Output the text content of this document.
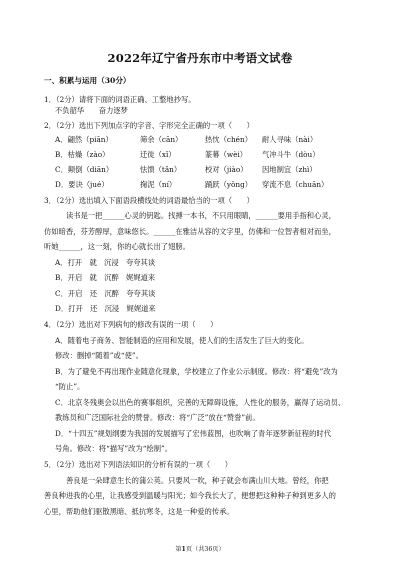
2022年辽宁省丹东市中考语文试卷
一、积累与运用（30分）
1．（2分）请将下面的词语正确、工整地抄写。
不负韶华　　奋力逐梦
2．（2分）选出下列加点字的字音、字形完全正确的一项（　　）
A．翩然（piān）	筛余（cān）	热忱（chén） 耐人寻味（nài）
B．枯燥（zào）	迁徙（xǐ）	篆幕（wèi） 气冲斗牛（dòu）
C．颠倒（diān）	怯馈（tǎn）	校对（jiào） 因地制宜（zhì）
D．要诀（jué）	掬泥（ní）	踊跃（yǒng） 穿流不息（chuān）
3．（2分）选出填入下面语段横线处的词语最恰当的一项（　　）
读书是一把______心灵的钥匙。找搏一本书，不只用眼睛，______要用手指和心灵，
仿如暗香，芬芳醇厚，意味悠长。______在雅洁从容的文字里，仿佛和一位智者相对而坐，
听她______，这一刻，你的心就长出了翅膀。
A．打开　就　沉浸　夸夸其谈
B．开启　就　沉醉　娓娓道来
C．开启　还　沉醉　夸夸其谈
D．打开　还　沉浸　娓娓道来
4．（2分）选出对下列病句的修改有误的一项（　　）
A．随着电子商务、智能制造的应用和发展，使人们的生活发生了巨大的变化。
修改：删掉“随着”或“使”。
B．为了避免不再出现作业随意化现象，学校建立了作业公示制度。修改：将“避免”改为
“防止”。
C．北京冬残奥会以出色的赛事组织，完善的无障碍设施，人性化的服务，赢得了运动员、
教练员和广泛国际社会的赞誉。修改：将“广泛”放在“赞誉”前。
D．“十四五”规划纲要为我国的发展描写了宏伟蓝图，也吹响了青年逐梦新征程的时代
号角。修改：将“描写”改为“绘制”。
5．（2分）选出对下列语法知识的分析有误的一项（　　）
善良是一朵肆意生长的蒲公英。只要风一吹，种子就会布满山川大地。曾经，你把
善良种进我的心里，让我感受到温暖与阳光；如今我长大了，便想把这种种子种到更多人的
心里，帮助他们驱散黑暗、抵抗寒冬，这是一种爱的传承。
第1页（共36页）
